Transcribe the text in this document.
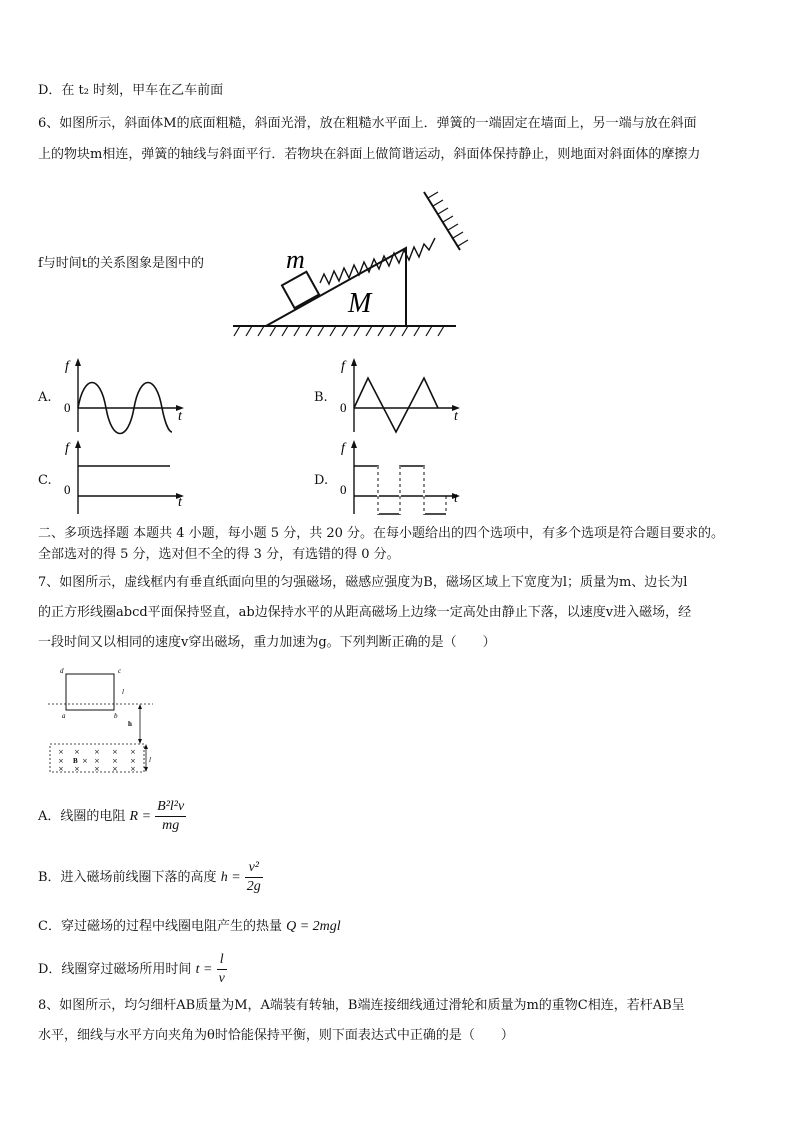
D．在 t₂ 时刻，甲车在乙车前面
6、如图所示，斜面体M的底面粗糙，斜面光滑，放在粗糙水平面上．弹簧的一端固定在墙面上，另一端与放在斜面
上的物块m相连，弹簧的轴线与斜面平行．若物块在斜面上做简谐运动，斜面体保持静止，则地面对斜面体的摩擦力
f与时间t的关系图象是图中的	m
M
A.
f
0
t
B.
f
0
t
C.
f
0
t
D.
f
0
t
二、多项选择题 本题共 4 小题，每小题 5 分，共 20 分。在每小题给出的四个选项中，有多个选项是符合题目要求的。
全部选对的得 5 分，选对但不全的得 3 分，有选错的得 0 分。
7、如图所示，虚线框内有垂直纸面向里的匀强磁场，磁感应强度为B，磁场区域上下宽度为l；质量为m、边长为l
的正方形线圈abcd平面保持竖直，ab边保持水平的从距高磁场上边缘一定高处由静止下落，以速度v进入磁场，经
一段时间又以相同的速度v穿出磁场，重力加速为g。下列判断正确的是（　　）
d	c
a	b
l
h
× × × × ×
×	× × × ×
× × × × ×
B	l
A．线圈的电阻 $R = \frac{\text{B²l²v}}{mg}$
B．进入磁场前线圈下落的高度 $h = \frac{\text{v²}}{2g}$
C．穿过磁场的过程中线圈电阻产生的热量 Q = 2mgl
D．线圈穿过磁场所用时间 $t = \frac{l}{v}$
8、如图所示，均匀细杆AB质量为M，A端装有转轴，B端连接细线通过滑轮和质量为m的重物C相连，若杆AB呈
水平，细线与水平方向夹角为θ时恰能保持平衡，则下面表达式中正确的是（　　）
